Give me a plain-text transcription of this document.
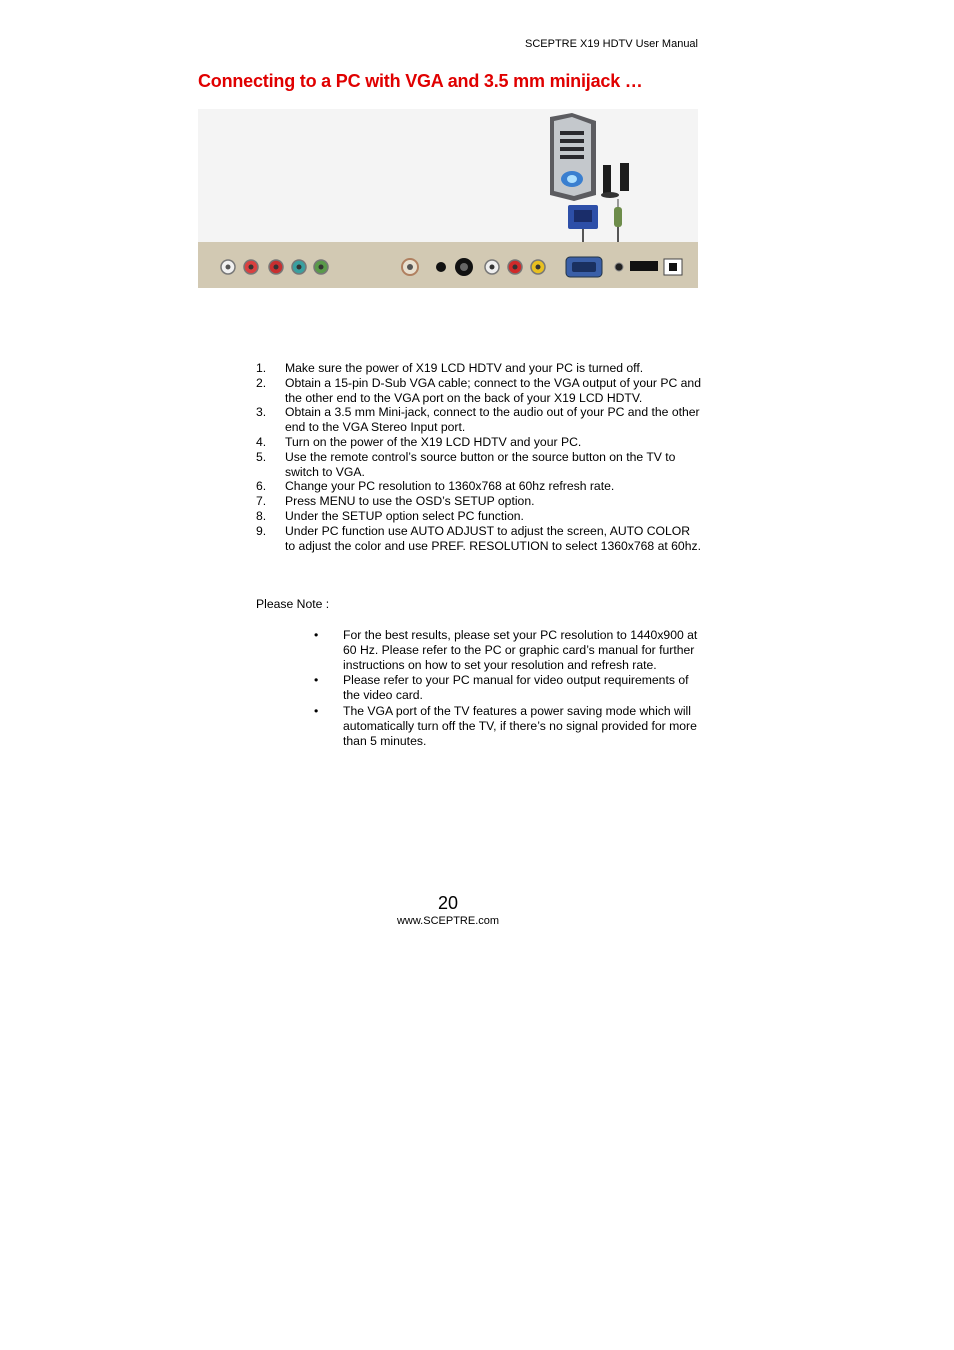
SCEPTRE X19 HDTV User Manual
Connecting to a PC with VGA and 3.5 mm minijack …
1. Make sure the power of X19 LCD HDTV and your PC is turned off.
2. Obtain a 15-pin D-Sub VGA cable; connect to the VGA output of your PC and the other end to the VGA port on the back of your X19 LCD HDTV.
3. Obtain a 3.5 mm Mini-jack, connect to the audio out of your PC and the other end to the VGA Stereo Input port.
4. Turn on the power of the X19 LCD HDTV and your PC.
5. Use the remote control’s source button or the source button on the TV to switch to VGA.
6. Change your PC resolution to 1360x768 at 60hz refresh rate.
7. Press MENU to use the OSD’s SETUP option.
8. Under the SETUP option select PC function.
9. Under PC function use AUTO ADJUST to adjust the screen, AUTO COLOR to adjust the color and use PREF. RESOLUTION to select 1360x768 at 60hz.
Please Note :
• For the best results, please set your PC resolution to 1440x900 at 60 Hz. Please refer to the PC or graphic card’s manual for further instructions on how to set your resolution and refresh rate.
• Please refer to your PC manual for video output requirements of the video card.
• The VGA port of the TV features a power saving mode which will automatically turn off the TV, if there’s no signal provided for more than 5 minutes.
20
www.SCEPTRE.com
